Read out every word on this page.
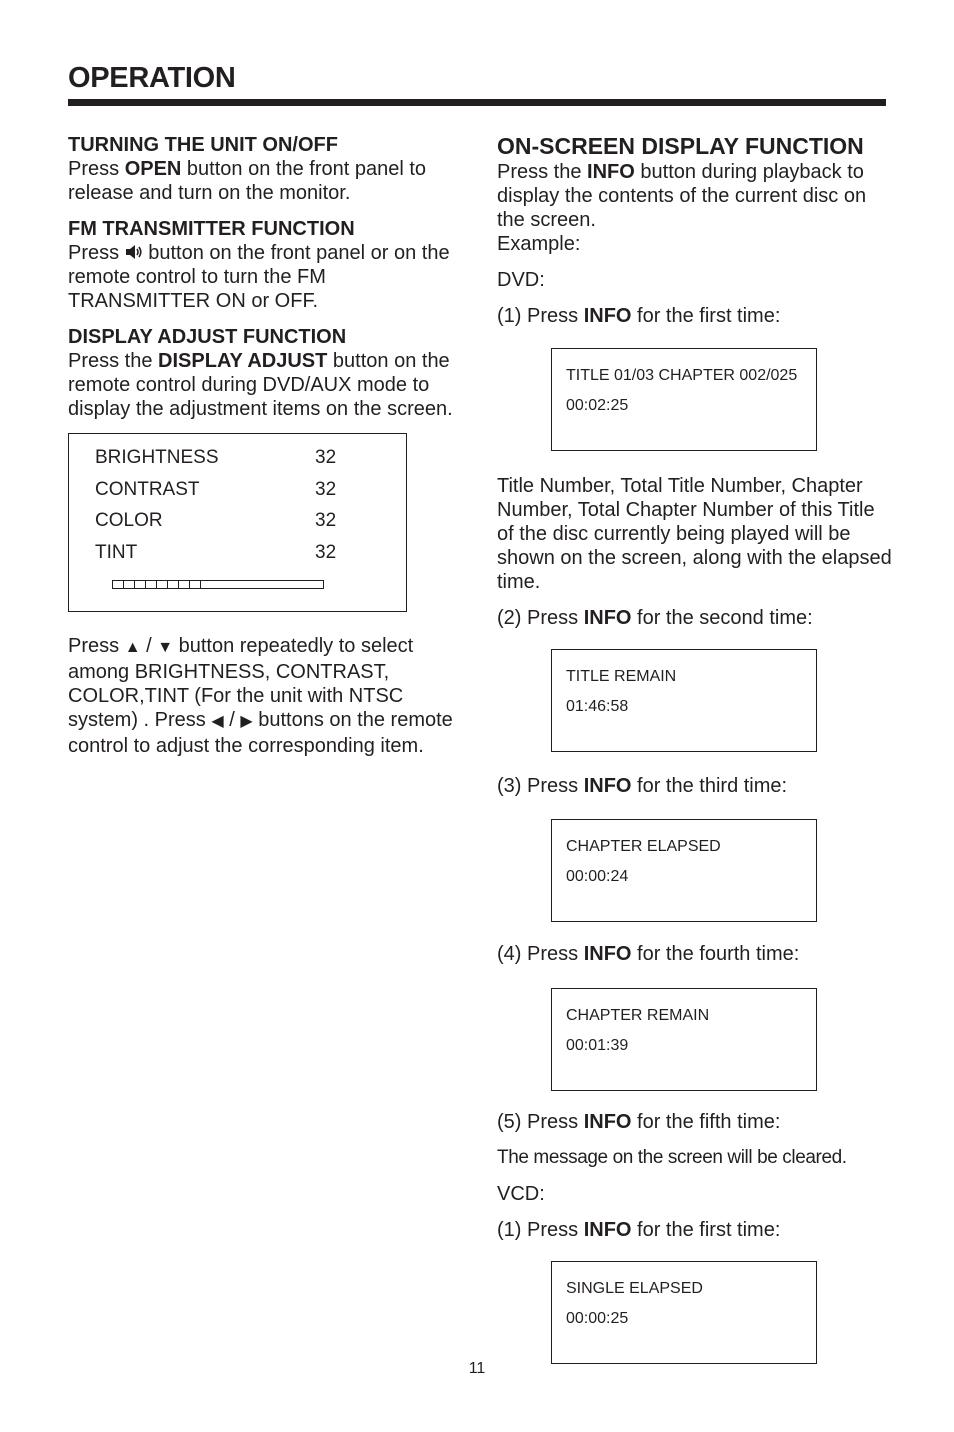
OPERATION
TURNING THE UNIT ON/OFF

Press OPEN button on the front panel to release and turn on the monitor.

FM TRANSMITTER FUNCTION

Press  button on the front panel or on the remote control to turn the FM TRANSMITTER ON or OFF.

DISPLAY ADJUST FUNCTION

Press the DISPLAY ADJUST button on the remote control during DVD/AUX mode to display the adjustment items on the screen.

BRIGHTNESS	32
CONTRAST	32
COLOR	32
TINT	32

Press ▲ / ▼ button repeatedly to select among BRIGHTNESS, CONTRAST, COLOR,TINT (For the unit with NTSC system) . Press ◀ / ▶ buttons on the remote control to adjust the corresponding item.

ON-SCREEN DISPLAY FUNCTION

Press the INFO button during playback to display the contents of the current disc on the screen.

Example:

DVD:

(1) Press INFO for the first time:

TITLE 01/03 CHAPTER 002/025
00:02:25

Title Number, Total Title Number, Chapter Number, Total Chapter Number of this Title of the disc currently being played will be shown on the screen, along with the elapsed time.

(2) Press INFO for the second time:

TITLE REMAIN
01:46:58

(3) Press INFO for the third time:

CHAPTER ELAPSED
00:00:24

(4) Press INFO for the fourth time:

CHAPTER REMAIN
00:01:39

(5) Press INFO for the fifth time:

The message on the screen will be cleared.

VCD:

(1) Press INFO for the first time:

SINGLE ELAPSED
00:00:25
11
